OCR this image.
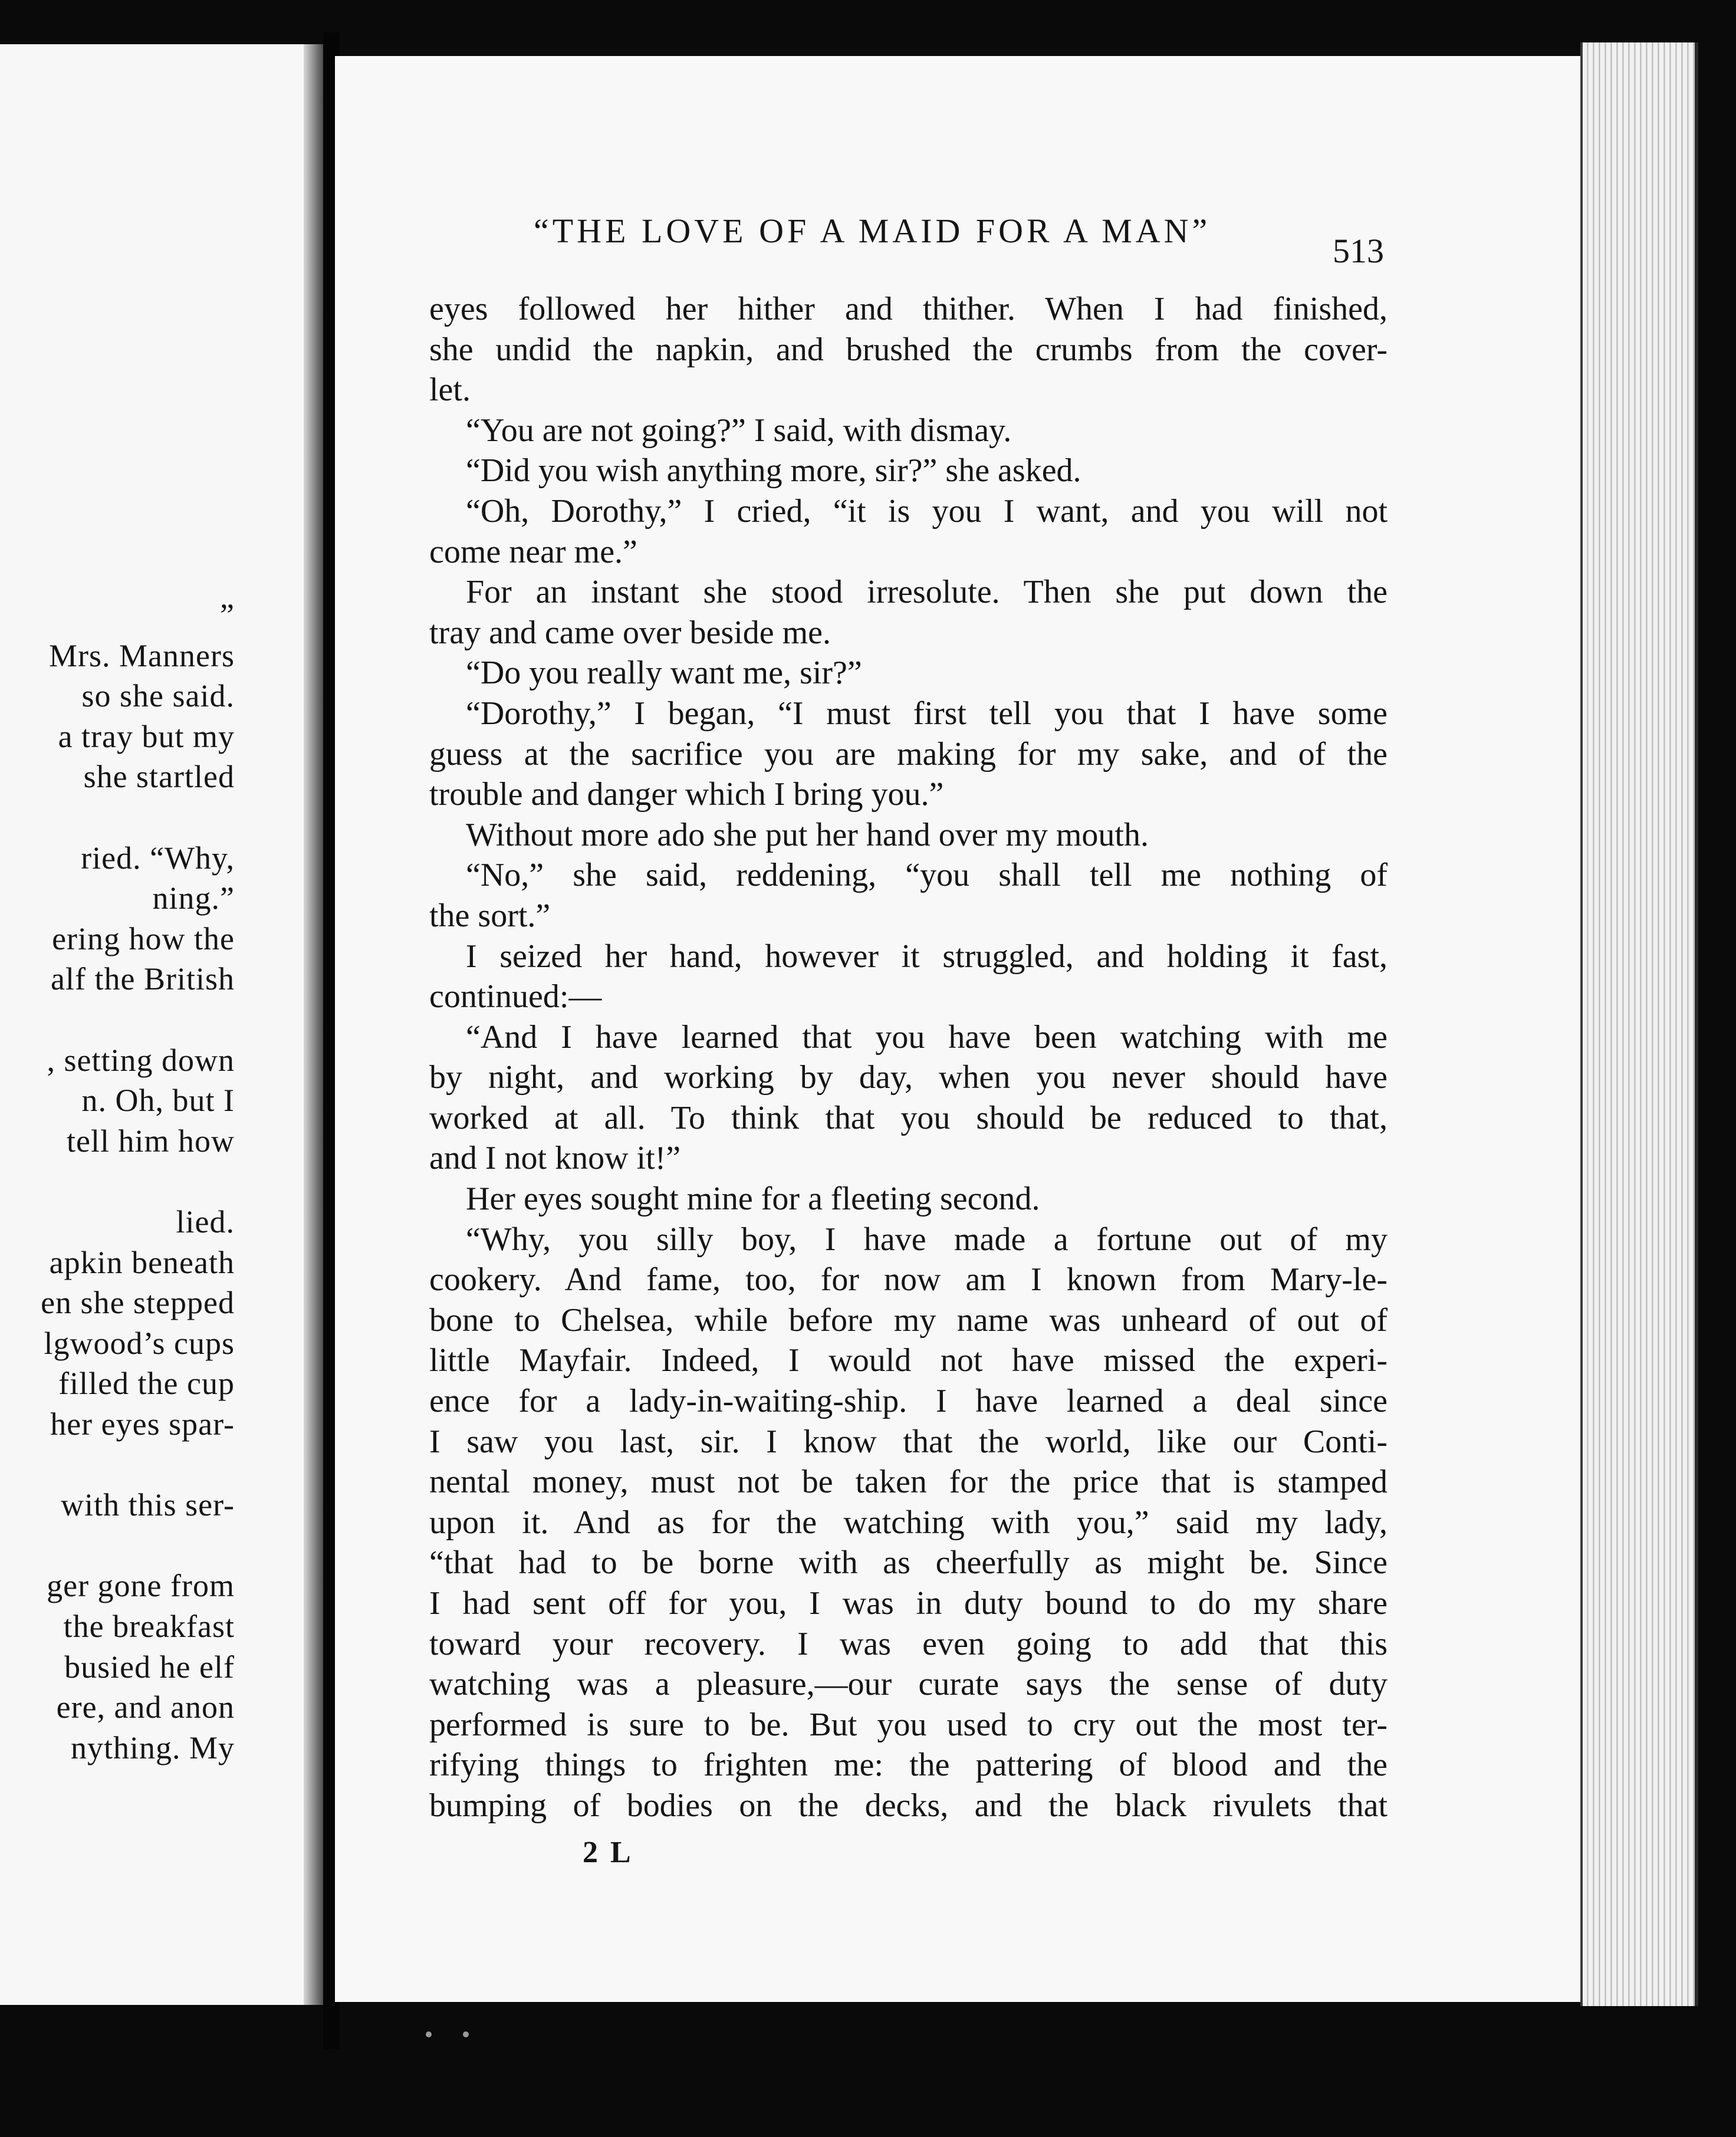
”
Mrs. Manners
so she said.
a tray but my
she startled
ried. “Why,
ning.”
ering how the
alf the British
, setting down
n. Oh, but I
tell him how
lied.
apkin beneath
en she stepped
lgwood’s cups
filled the cup
her eyes spar-
with this ser-
ger gone from
the breakfast
busied he elf
ere, and anon
nything. My
“THE LOVE OF A MAID FOR A MAN”
513
eyes followed her hither and thither. When I had finished,
she undid the napkin, and brushed the crumbs from the cover-
let.
“You are not going?” I said, with dismay.
“Did you wish anything more, sir?” she asked.
“Oh, Dorothy,” I cried, “it is you I want, and you will not
come near me.”
For an instant she stood irresolute. Then she put down the
tray and came over beside me.
“Do you really want me, sir?”
“Dorothy,” I began, “I must first tell you that I have some
guess at the sacrifice you are making for my sake, and of the
trouble and danger which I bring you.”
Without more ado she put her hand over my mouth.
“No,” she said, reddening, “you shall tell me nothing of
the sort.”
I seized her hand, however it struggled, and holding it fast,
continued:—
“And I have learned that you have been watching with me
by night, and working by day, when you never should have
worked at all. To think that you should be reduced to that,
and I not know it!”
Her eyes sought mine for a fleeting second.
“Why, you silly boy, I have made a fortune out of my
cookery. And fame, too, for now am I known from Mary-le-
bone to Chelsea, while before my name was unheard of out of
little Mayfair. Indeed, I would not have missed the experi-
ence for a lady-in-waiting-ship. I have learned a deal since
I saw you last, sir. I know that the world, like our Conti-
nental money, must not be taken for the price that is stamped
upon it. And as for the watching with you,” said my lady,
“that had to be borne with as cheerfully as might be. Since
I had sent off for you, I was in duty bound to do my share
toward your recovery. I was even going to add that this
watching was a pleasure,—our curate says the sense of duty
performed is sure to be. But you used to cry out the most ter-
rifying things to frighten me: the pattering of blood and the
bumping of bodies on the decks, and the black rivulets that
2 L
